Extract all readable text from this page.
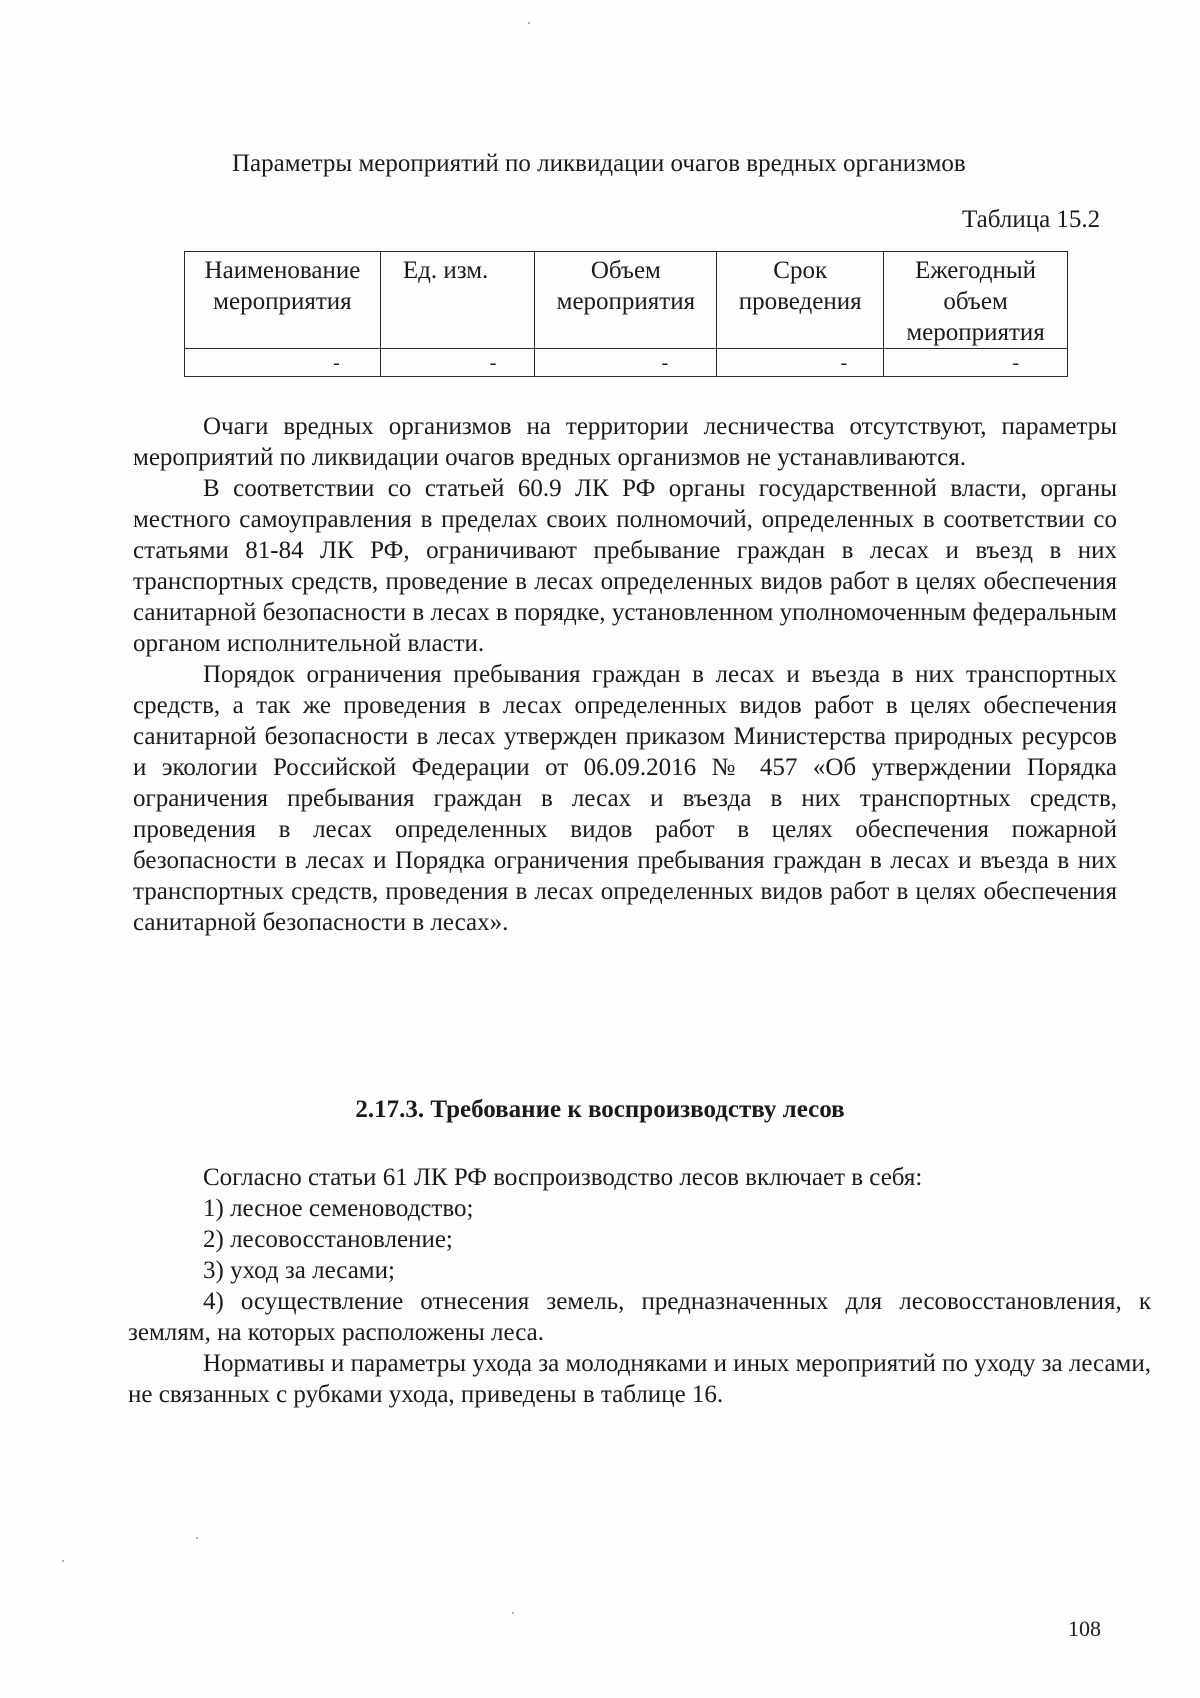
Параметры мероприятий по ликвидации очагов вредных организмов
Таблица 15.2
Наименование мероприятия	Ед. изм.	Объем мероприятия	Срок проведения	Ежегодный объем мероприятия
-	-	-	-	-

Очаги вредных организмов на территории лесничества отсутствуют, параметры мероприятий по ликвидации очагов вредных организмов не устанавливаются.

В соответствии со статьей 60.9 ЛК РФ органы государственной власти, органы местного самоуправления в пределах своих полномочий, определенных в соответствии со статьями 81-84 ЛК РФ, ограничивают пребывание граждан в лесах и въезд в них транспортных средств, проведение в лесах определенных видов работ в целях обеспечения санитарной безопасности в лесах в порядке, установленном уполномоченным федеральным органом исполнительной власти.

Порядок ограничения пребывания граждан в лесах и въезда в них транспортных средств, а так же проведения в лесах определенных видов работ в целях обеспечения санитарной безопасности в лесах утвержден приказом Министерства природных ресурсов и экологии Российской Федерации от 06.09.2016 № 457 «Об утверждении Порядка ограничения пребывания граждан в лесах и въезда в них транспортных средств, проведения в лесах определенных видов работ в целях обеспечения пожарной безопасности в лесах и Порядка ограничения пребывания граждан в лесах и въезда в них транспортных средств, проведения в лесах определенных видов работ в целях обеспечения санитарной безопасности в лесах».

2.17.3. Требование к воспроизводству лесов

Согласно статьи 61 ЛК РФ воспроизводство лесов включает в себя:

1) лесное семеноводство;

2) лесовосстановление;

3) уход за лесами;

4) осуществление отнесения земель, предназначенных для лесовосстановления, к землям, на которых расположены леса.

Нормативы и параметры ухода за молодняками и иных мероприятий по уходу за лесами, не связанных с рубками ухода, приведены в таблице 16.

108
